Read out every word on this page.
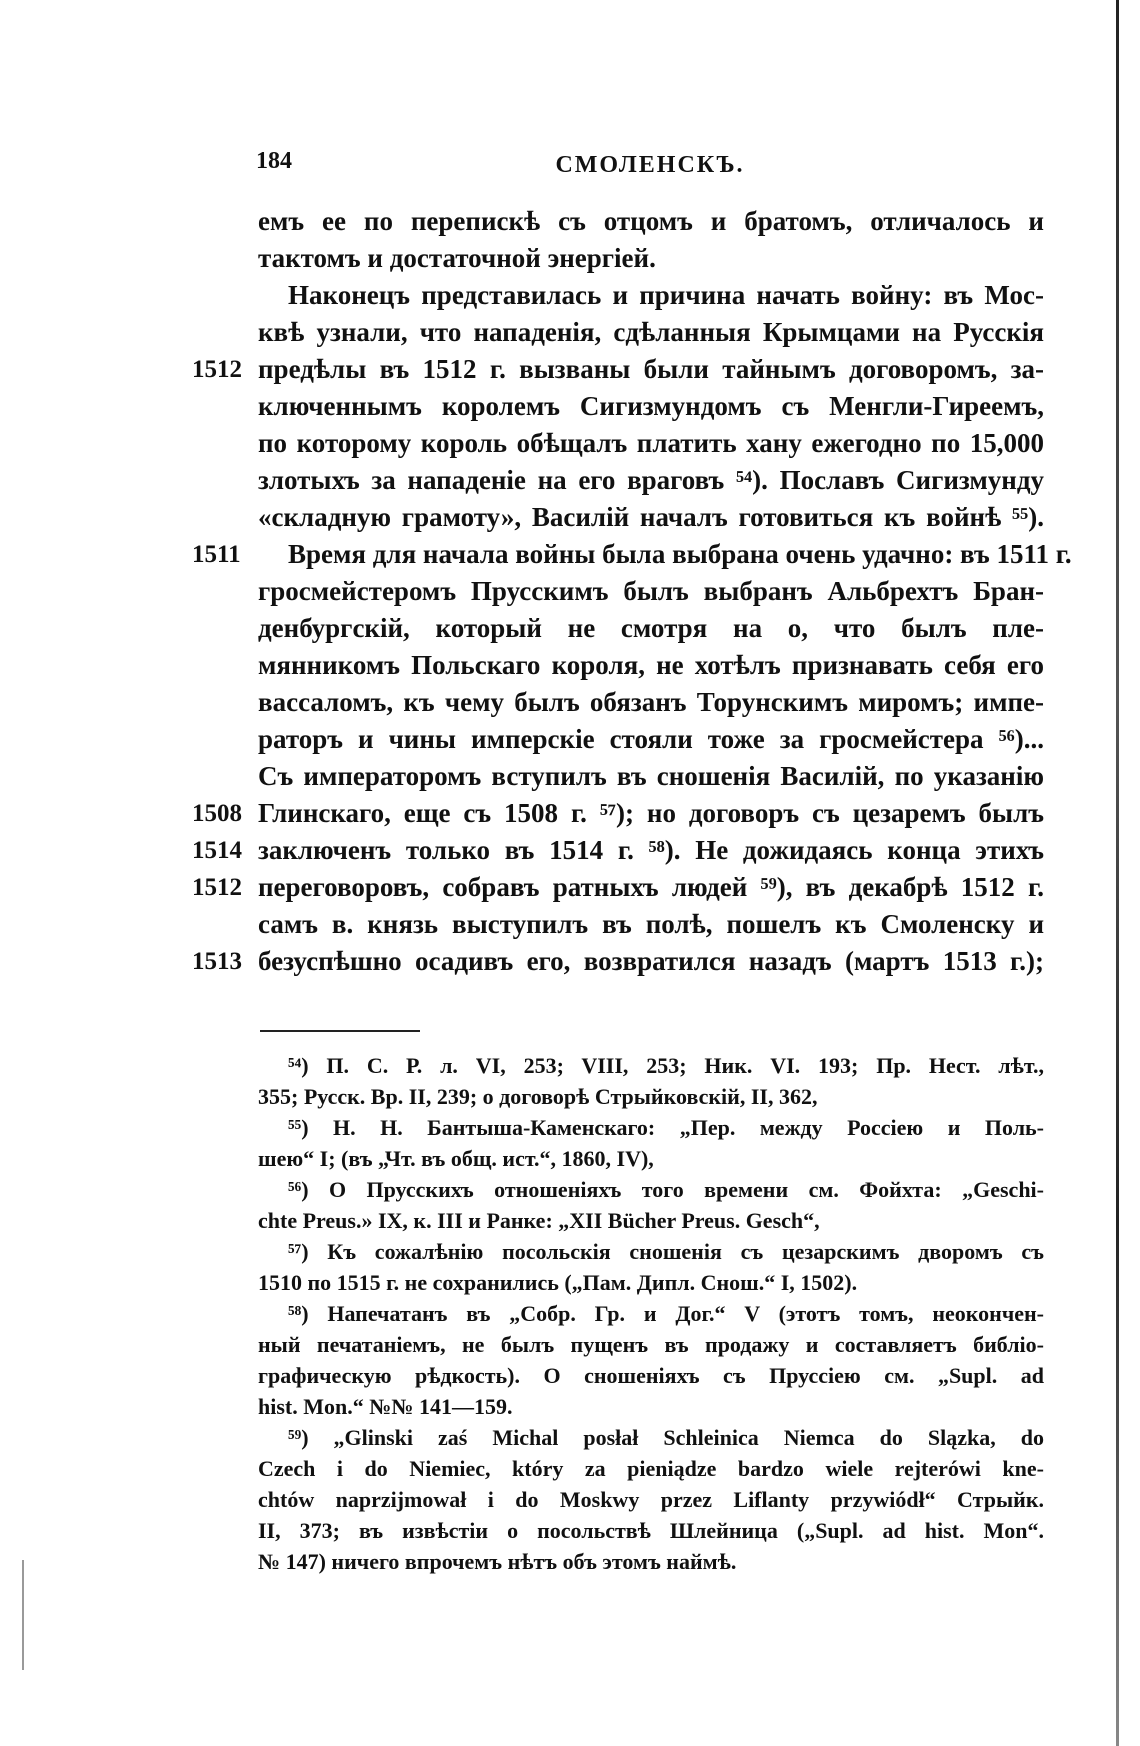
184	СМОЛЕНСКЪ.
емъ ее по перепискѣ съ отцомъ и братомъ, отличалось и
тактомъ и достаточной энергіей.
Наконецъ представилась и причина начать войну: въ Мос-
квѣ узнали, что нападенія, сдѣланныя Крымцами на Русскія
предѣлы въ 1512 г. вызваны были тайнымъ договоромъ, за-
1512
ключеннымъ королемъ Сигизмундомъ съ Менгли-Гиреемъ,
по которому король обѣщалъ платить хану ежегодно по 15,000
злотыхъ за нападеніе на его враговъ ⁵⁴). Пославъ Сигизмунду
«складную грамоту», Василій началъ готовиться къ войнѣ ⁵⁵).
Время для начала войны была выбрана очень удачно: въ 1511 г.
1511
гросмейстеромъ Прусскимъ былъ выбранъ Альбрехтъ Бран-
денбургскій, который не смотря на о, что былъ пле-
мянникомъ Польскаго короля, не хотѣлъ признавать себя его
вассаломъ, къ чему былъ обязанъ Торунскимъ миромъ; импе-
раторъ и чины имперскіе стояли тоже за гросмейстера ⁵⁶)...
Съ императоромъ вступилъ въ сношенія Василій, по указанію
Глинскаго, еще съ 1508 г. ⁵⁷); но договоръ съ цезаремъ былъ
1508
заключенъ только въ 1514 г. ⁵⁸). Не дожидаясь конца этихъ
1514
переговоровъ, собравъ ратныхъ людей ⁵⁹), въ декабрѣ 1512 г.
1512
самъ в. князь выступилъ въ полѣ, пошелъ къ Смоленску и
безуспѣшно осадивъ его, возвратился назадъ (мартъ 1513 г.);
1513
⁵⁴) П. С. Р. л. VI, 253; VIII, 253; Ник. VI. 193; Пр. Нест. лѣт.,
355; Русск. Вр. II, 239; о договорѣ Стрыйковскій, II, 362,
⁵⁵) Н. Н. Бантыша-Каменскаго: „Пер. между Россіею и Поль-
шею“ I; (въ „Чт. въ общ. ист.“, 1860, IV),
⁵⁶) О Прусскихъ отношеніяхъ того времени см. Фойхта: „Geschi-
chte Preus.» IX, к. III и Ранке: „XII Bücher Preus. Gesch“,
⁵⁷) Къ сожалѣнію посольскія сношенія съ цезарскимъ дворомъ съ
1510 по 1515 г. не сохранились („Пам. Дипл. Снош.“ I, 1502).
⁵⁸) Напечатанъ въ „Собр. Гр. и Дог.“ V (этотъ томъ, неокончен-
ный печатаніемъ, не былъ пущенъ въ продажу и составляетъ библіо-
графическую рѣдкость). О сношеніяхъ съ Пруссіею см. „Supl. ad
hist. Mon.“ №№ 141—159.
⁵⁹) „Glinski zaś Michal posłał Schleinica Niemca do Slązka, do
Czech i do Niemiec, który za pieniądze bardzo wiele rejterówi kne-
chtów naprzijmował i do Moskwy przez Liflanty przywiódł“ Стрыйк.
II, 373; въ извѣстіи о посольствѣ Шлейница („Supl. ad hist. Mon“.
№ 147) ничего впрочемъ нѣтъ объ этомъ наймѣ.
